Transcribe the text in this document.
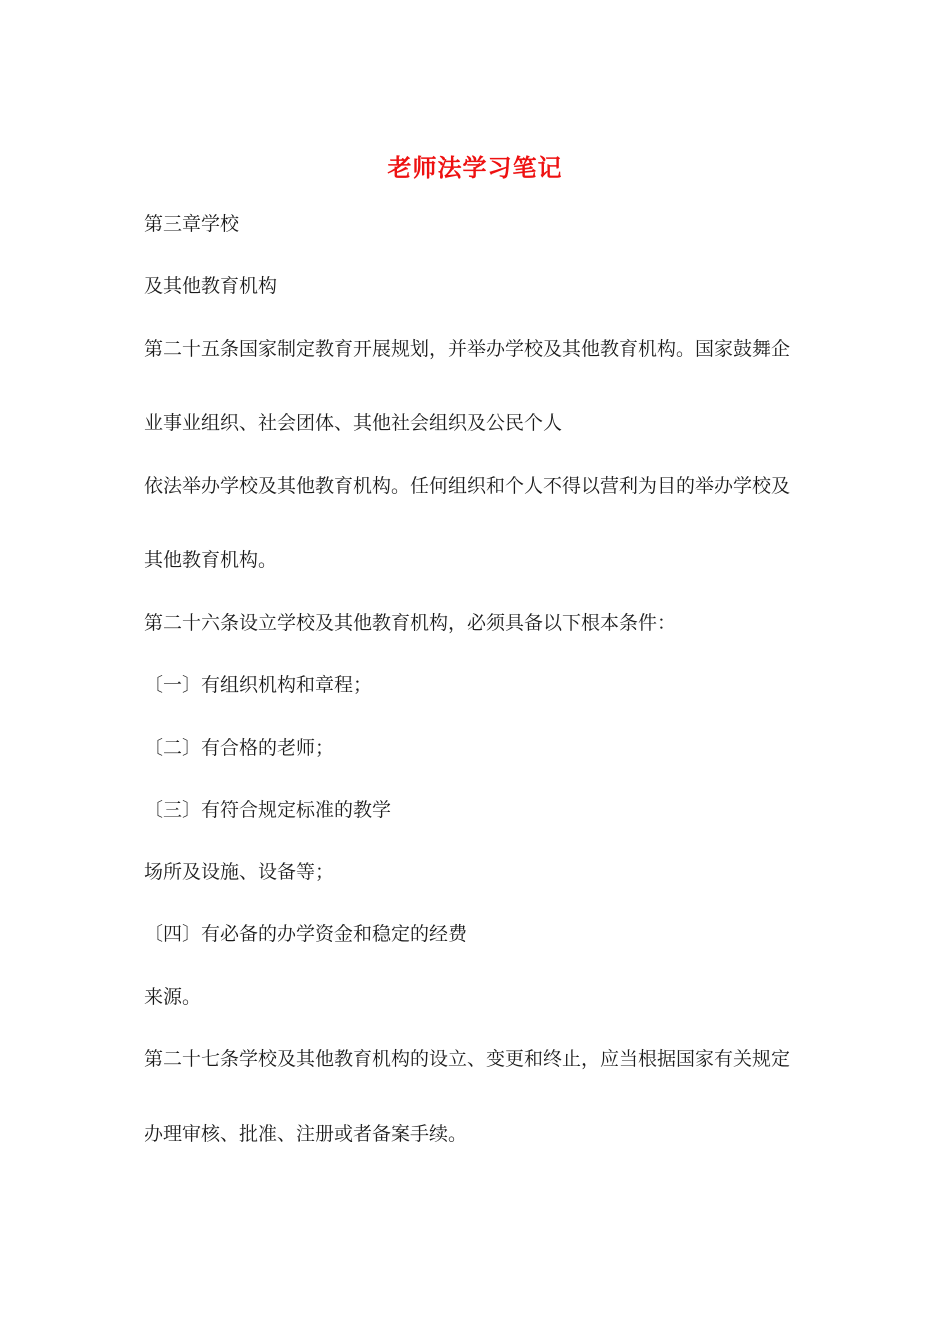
老师法学习笔记
第三章学校
及其他教育机构
第二十五条国家制定教育开展规划，并举办学校及其他教育机构。国家鼓舞企
业事业组织、社会团体、其他社会组织及公民个人
依法举办学校及其他教育机构。任何组织和个人不得以营利为目的举办学校及
其他教育机构。
第二十六条设立学校及其他教育机构，必须具备以下根本条件：
〔一〕有组织机构和章程；
〔二〕有合格的老师；
〔三〕有符合规定标准的教学
场所及设施、设备等；
〔四〕有必备的办学资金和稳定的经费
来源。
第二十七条学校及其他教育机构的设立、变更和终止，应当根据国家有关规定
办理审核、批准、注册或者备案手续。
